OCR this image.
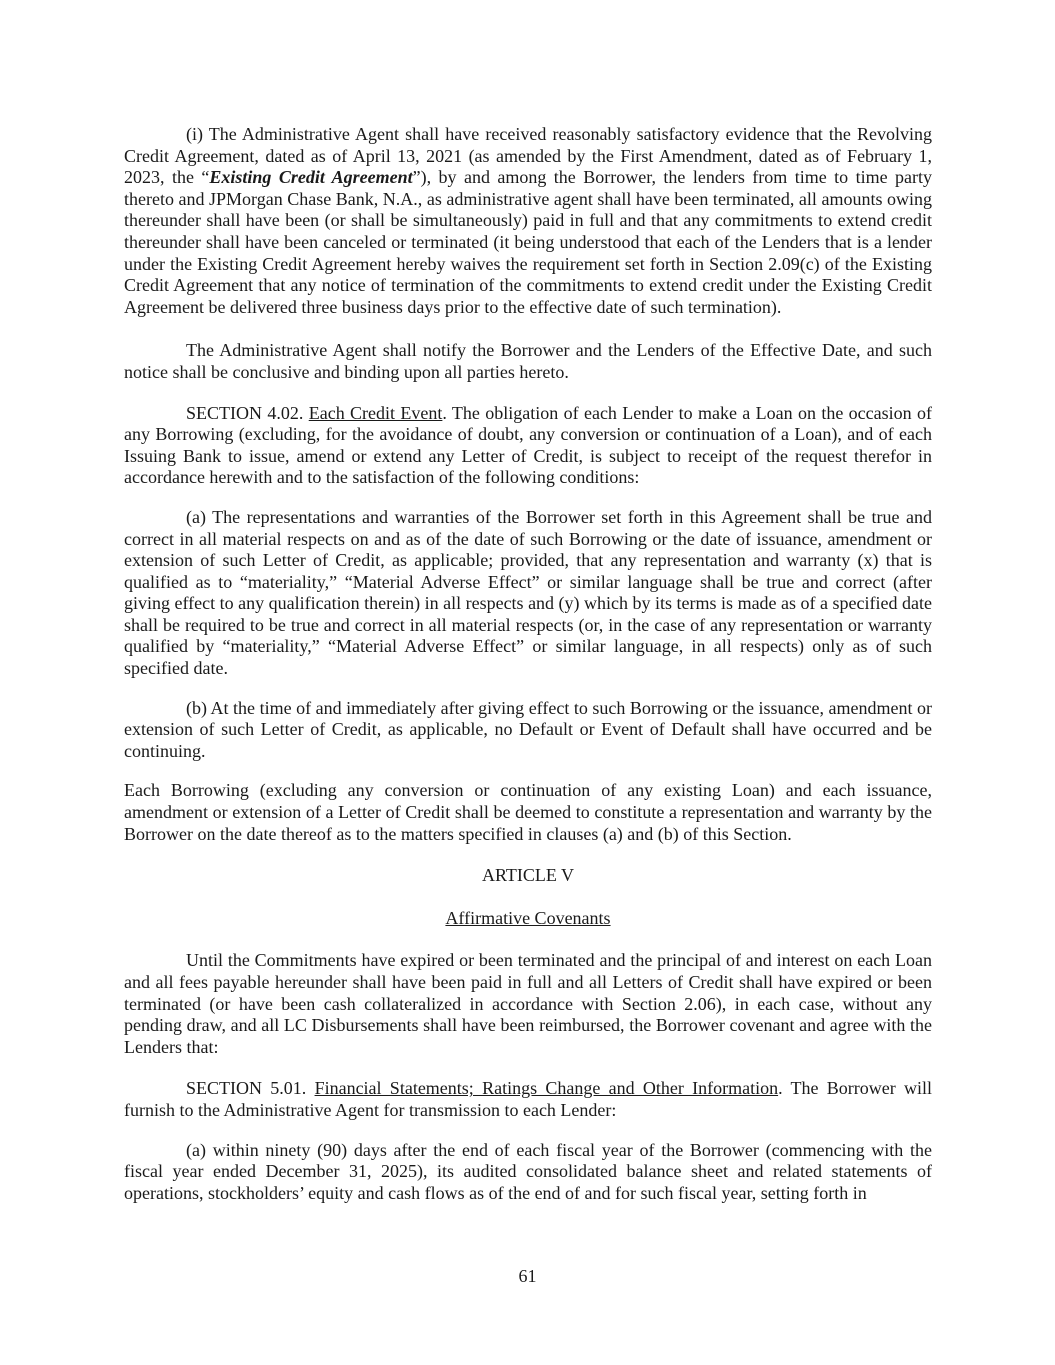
(i) The Administrative Agent shall have received reasonably satisfactory evidence that the Revolving Credit Agreement, dated as of April 13, 2021 (as amended by the First Amendment, dated as of February 1, 2023, the “Existing Credit Agreement”), by and among the Borrower, the lenders from time to time party thereto and JPMorgan Chase Bank, N.A., as administrative agent shall have been terminated, all amounts owing thereunder shall have been (or shall be simultaneously) paid in full and that any commitments to extend credit thereunder shall have been canceled or terminated (it being understood that each of the Lenders that is a lender under the Existing Credit Agreement hereby waives the requirement set forth in Section 2.09(c) of the Existing Credit Agreement that any notice of termination of the commitments to extend credit under the Existing Credit Agreement be delivered three business days prior to the effective date of such termination).

The Administrative Agent shall notify the Borrower and the Lenders of the Effective Date, and such notice shall be conclusive and binding upon all parties hereto.

SECTION 4.02. Each Credit Event. The obligation of each Lender to make a Loan on the occasion of any Borrowing (excluding, for the avoidance of doubt, any conversion or continuation of a Loan), and of each Issuing Bank to issue, amend or extend any Letter of Credit, is subject to receipt of the request therefor in accordance herewith and to the satisfaction of the following conditions:

(a) The representations and warranties of the Borrower set forth in this Agreement shall be true and correct in all material respects on and as of the date of such Borrowing or the date of issuance, amendment or extension of such Letter of Credit, as applicable; provided, that any representation and warranty (x) that is qualified as to “materiality,” “Material Adverse Effect” or similar language shall be true and correct (after giving effect to any qualification therein) in all respects and (y) which by its terms is made as of a specified date shall be required to be true and correct in all material respects (or, in the case of any representation or warranty qualified by “materiality,” “Material Adverse Effect” or similar language, in all respects) only as of such specified date.

(b) At the time of and immediately after giving effect to such Borrowing or the issuance, amendment or extension of such Letter of Credit, as applicable, no Default or Event of Default shall have occurred and be continuing.

Each Borrowing (excluding any conversion or continuation of any existing Loan) and each issuance, amendment or extension of a Letter of Credit shall be deemed to constitute a representation and warranty by the Borrower on the date thereof as to the matters specified in clauses (a) and (b) of this Section.

ARTICLE V

Affirmative Covenants

Until the Commitments have expired or been terminated and the principal of and interest on each Loan and all fees payable hereunder shall have been paid in full and all Letters of Credit shall have expired or been terminated (or have been cash collateralized in accordance with Section 2.06), in each case, without any pending draw, and all LC Disbursements shall have been reimbursed, the Borrower covenant and agree with the Lenders that:

SECTION 5.01. Financial Statements; Ratings Change and Other Information. The Borrower will furnish to the Administrative Agent for transmission to each Lender:

(a) within ninety (90) days after the end of each fiscal year of the Borrower (commencing with the fiscal year ended December 31, 2025), its audited consolidated balance sheet and related statements of operations, stockholders’ equity and cash flows as of the end of and for such fiscal year, setting forth in

61
